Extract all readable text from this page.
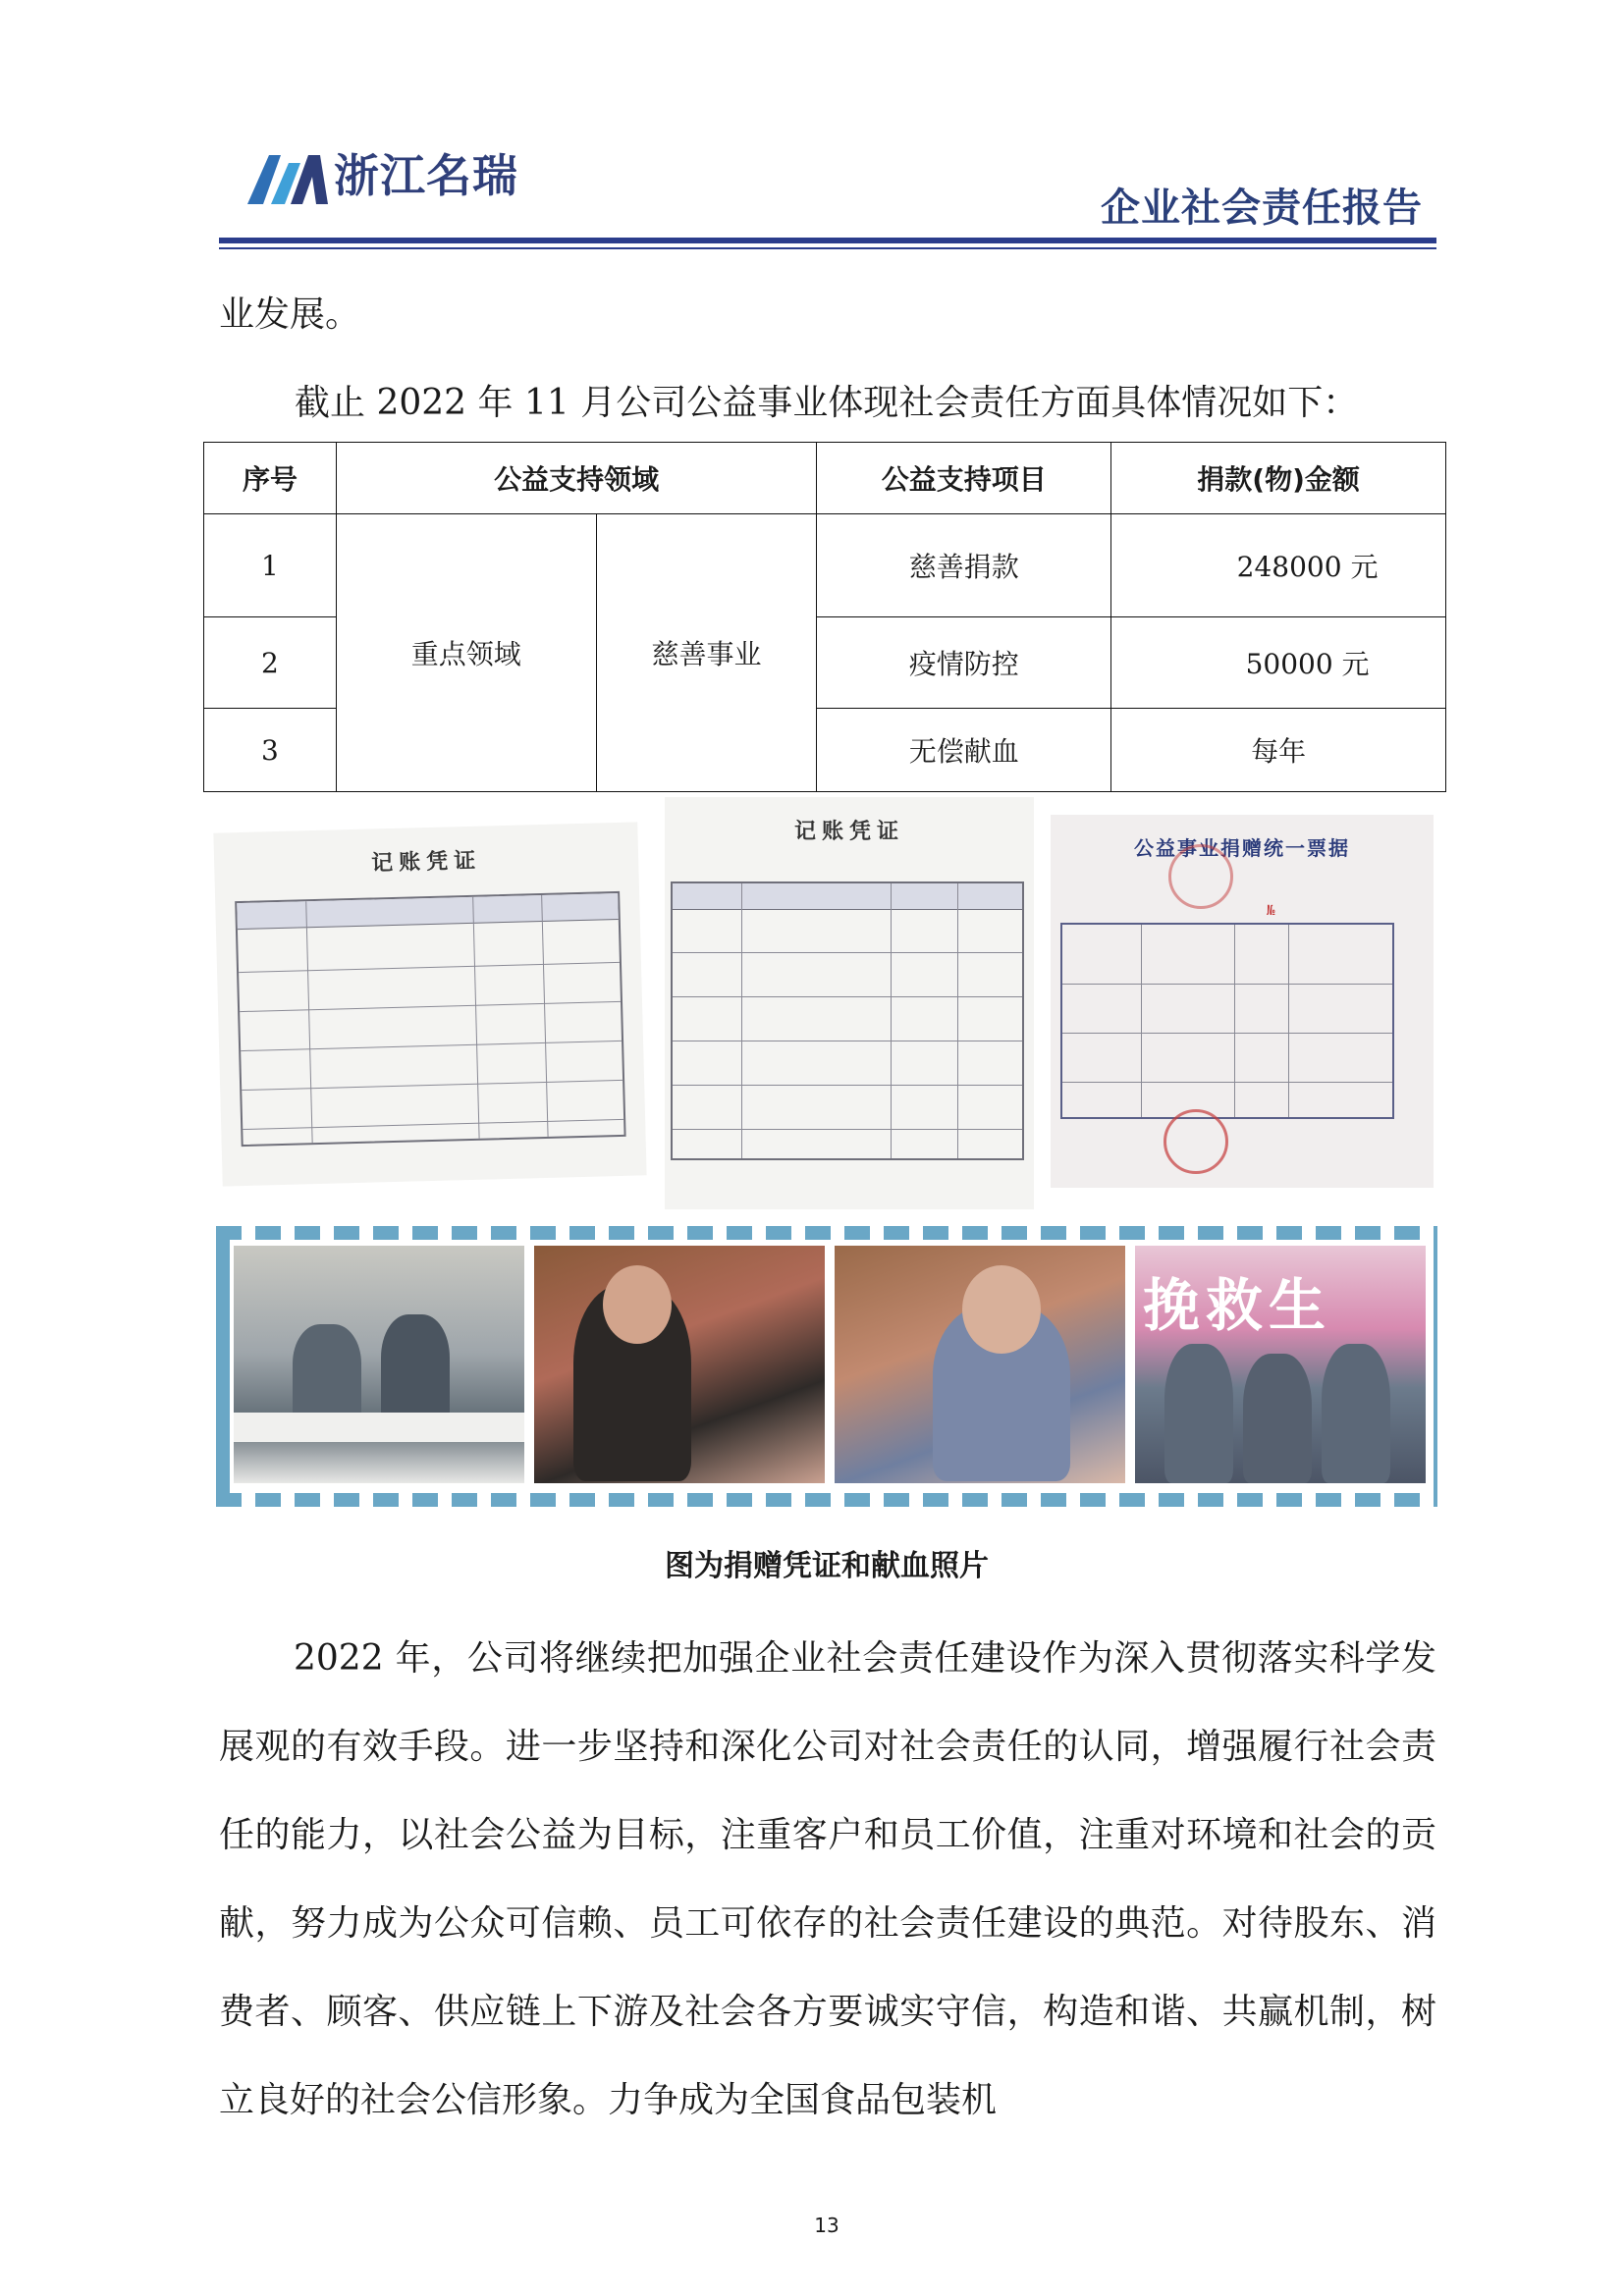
浙江名瑞
企业社会责任报告

业发展。

截止 2022 年 11 月公司公益事业体现社会责任方面具体情况如下：

序号	公益支持领域		公益支持项目	捐款(物)金额
1	重点领域	慈善事业	慈善捐款	248000 元
2			疫情防控	50000 元
3			无偿献血	每年
记账凭证
记账凭证
公益事业捐赠统一票据
№
挽救生
图为捐赠凭证和献血照片

2022 年，公司将继续把加强企业社会责任建设作为深入贯彻落实科学发展观的有效手段。进一步坚持和深化公司对社会责任的认同，增强履行社会责任的能力，以社会公益为目标，注重客户和员工价值，注重对环境和社会的贡献，努力成为公众可信赖、员工可依存的社会责任建设的典范。对待股东、消费者、顾客、供应链上下游及社会各方要诚实守信，构造和谐、共赢机制，树立良好的社会公信形象。力争成为全国食品包装机

13
